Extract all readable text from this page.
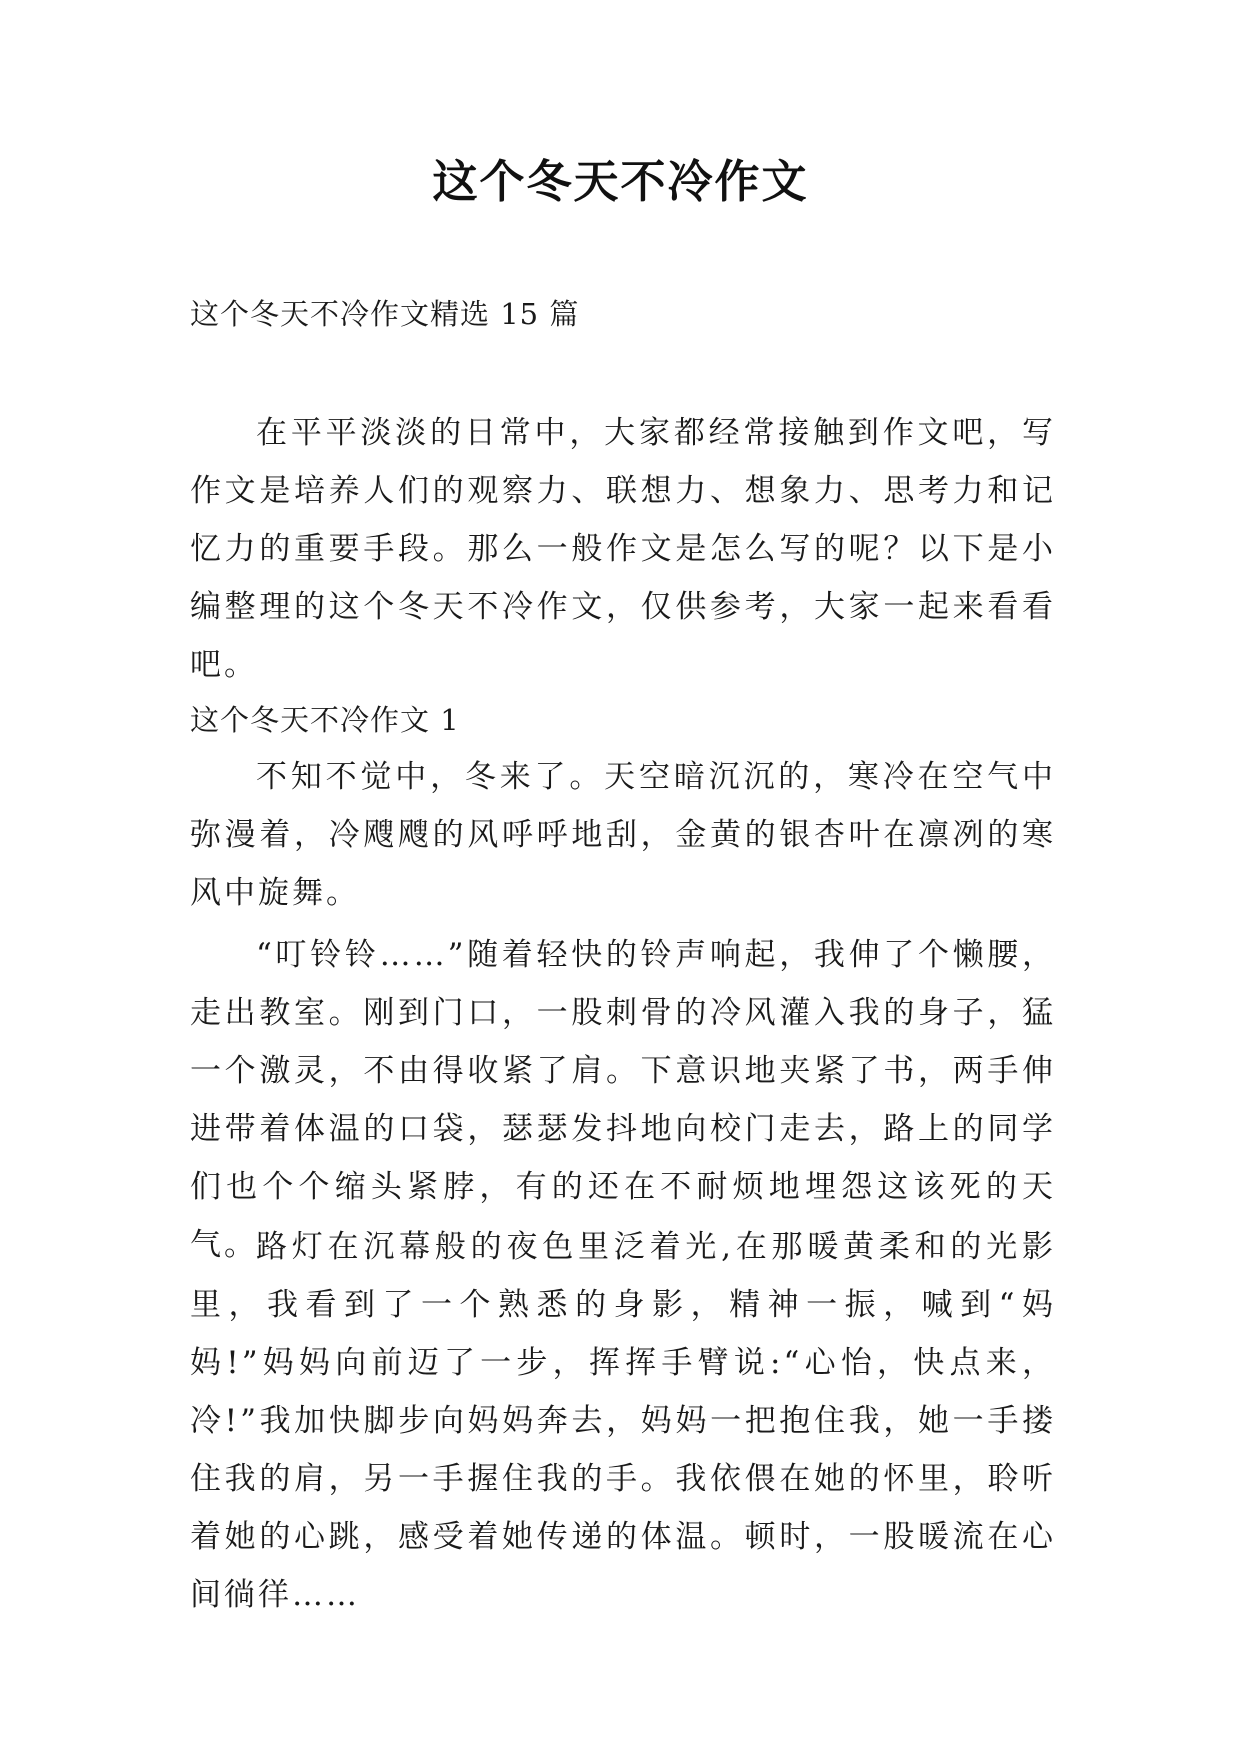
这个冬天不冷作文

这个冬天不冷作文精选 15 篇

在平平淡淡的日常中，大家都经常接触到作文吧，写作文是培养人们的观察力、联想力、想象力、思考力和记忆力的重要手段。那么一般作文是怎么写的呢？以下是小编整理的这个冬天不冷作文，仅供参考，大家一起来看看吧。

这个冬天不冷作文 1

不知不觉中，冬来了。天空暗沉沉的，寒冷在空气中弥漫着，冷飕飕的风呼呼地刮，金黄的银杏叶在凛冽的寒风中旋舞。

“叮铃铃……”随着轻快的铃声响起，我伸了个懒腰，走出教室。刚到门口，一股刺骨的冷风灌入我的身子，猛一个激灵，不由得收紧了肩。下意识地夹紧了书，两手伸进带着体温的口袋，瑟瑟发抖地向校门走去，路上的同学们也个个缩头紧脖，有的还在不耐烦地埋怨这该死的天气。

路灯在沉幕般的夜色里泛着光,在那暖黄柔和的光影里，我看到了一个熟悉的身影，精神一振，喊到“妈妈!”妈妈向前迈了一步，挥挥手臂说:“心怡，快点来，冷!”我加快脚步向妈妈奔去，妈妈一把抱住我，她一手搂住我的肩，另一手握住我的手。我依偎在她的怀里，聆听着她的心跳，感受着她传递的体温。顿时，一股暖流在心间徜徉……
